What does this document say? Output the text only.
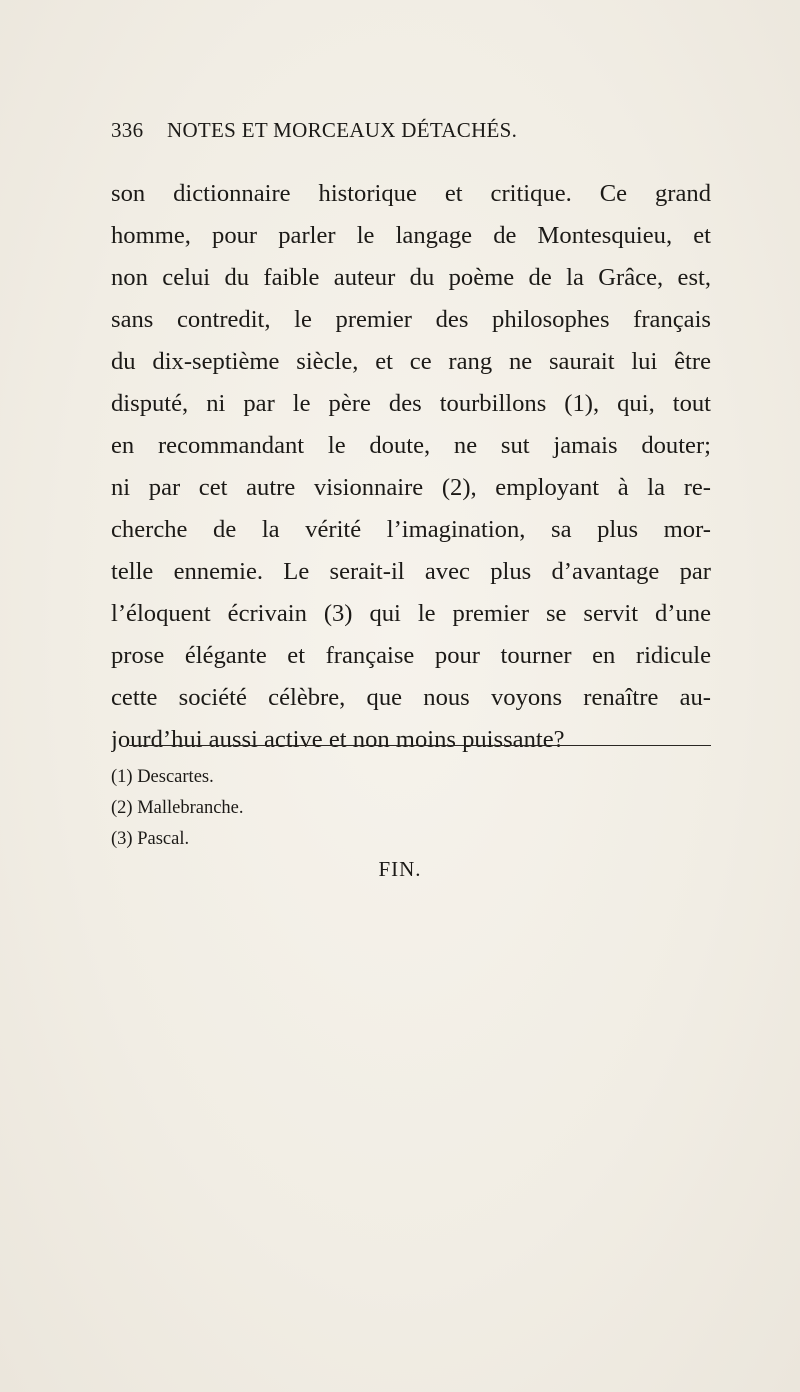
336 NOTES ET MORCEAUX DÉTACHÉS.
son dictionnaire historique et critique. Ce grand
homme, pour parler le langage de Montesquieu, et
non celui du faible auteur du poème de la Grâce, est,
sans contredit, le premier des philosophes français
du dix-septième siècle, et ce rang ne saurait lui être
disputé, ni par le père des tourbillons (1), qui, tout
en recommandant le doute, ne sut jamais douter;
ni par cet autre visionnaire (2), employant à la re-
cherche de la vérité l’imagination, sa plus mor-
telle ennemie. Le serait-il avec plus d’avantage par
l’éloquent écrivain (3) qui le premier se servit d’une
prose élégante et française pour tourner en ridicule
cette société célèbre, que nous voyons renaître au-
jourd’hui aussi active et non moins puissante?
(1) Descartes.
(2) Mallebranche.
(3) Pascal.
FIN.
